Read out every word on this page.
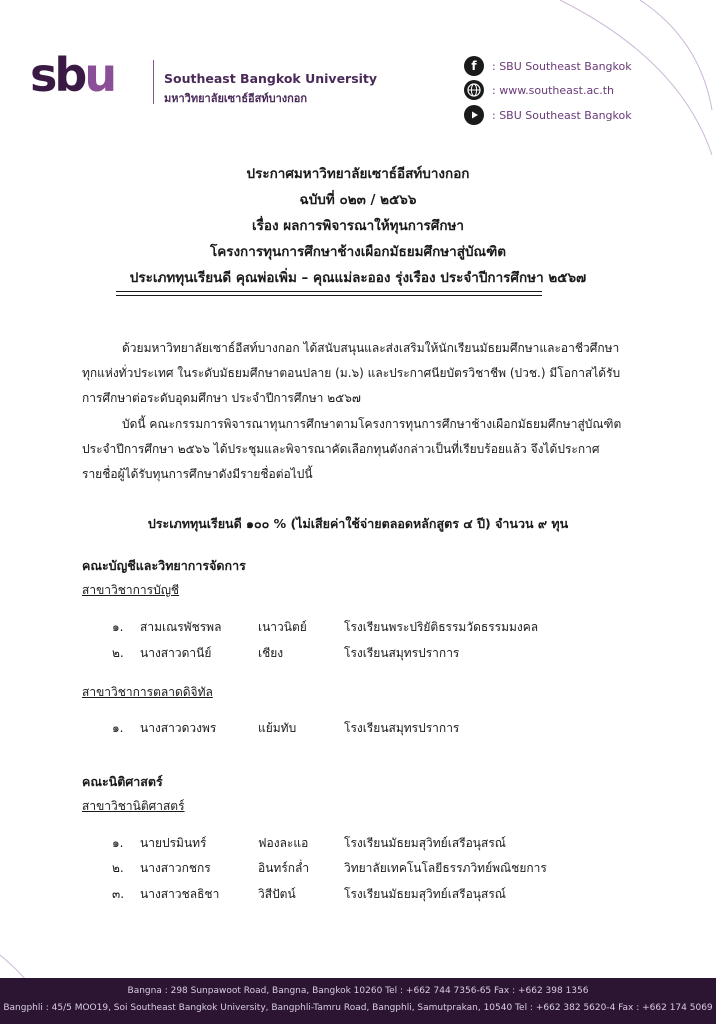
sbu	Southeast Bangkok University
มหาวิทยาลัยเซาธ์อีสท์บางกอก
f	: SBU Southeast Bangkok
: www.southeast.ac.th
: SBU Southeast Bangkok
ประกาศมหาวิทยาลัยเซาธ์อีสท์บางกอก
ฉบับที่ ๐๒๓ / ๒๕๖๖
เรื่อง ผลการพิจารณาให้ทุนการศึกษา
โครงการทุนการศึกษาช้างเผือกมัธยมศึกษาสู่บัณฑิต
ประเภททุนเรียนดี คุณพ่อเพิ่ม – คุณแม่ละออง รุ่งเรือง ประจำปีการศึกษา ๒๕๖๗
ด้วยมหาวิทยาลัยเซาธ์อีสท์บางกอก ได้สนับสนุนและส่งเสริมให้นักเรียนมัธยมศึกษาและอาชีวศึกษา
ทุกแห่งทั่วประเทศ ในระดับมัธยมศึกษาตอนปลาย (ม.๖) และประกาศนียบัตรวิชาชีพ (ปวช.) มีโอกาสได้รับ
การศึกษาต่อระดับอุดมศึกษา ประจำปีการศึกษา ๒๕๖๗
บัดนี้ คณะกรรมการพิจารณาทุนการศึกษาตามโครงการทุนการศึกษาช้างเผือกมัธยมศึกษาสู่บัณฑิต
ประจำปีการศึกษา ๒๕๖๖ ได้ประชุมและพิจารณาคัดเลือกทุนดังกล่าวเป็นที่เรียบร้อยแล้ว จึงได้ประกาศ
รายชื่อผู้ได้รับทุนการศึกษาดังมีรายชื่อต่อไปนี้
ประเภททุนเรียนดี ๑๐๐ % (ไม่เสียค่าใช้จ่ายตลอดหลักสูตร ๔ ปี) จำนวน ๙ ทุน
คณะบัญชีและวิทยาการจัดการ
สาขาวิชาการบัญชี
๑. สามเณรพัชรพล	เนาวนิตย์	โรงเรียนพระปริยัติธรรมวัดธรรมมงคล
๒. นางสาวดานีย์	เชียง	โรงเรียนสมุทรปราการ
สาขาวิชาการตลาดดิจิทัล
๑. นางสาวดวงพร	แย้มทับ	โรงเรียนสมุทรปราการ
คณะนิติศาสตร์
สาขาวิชานิติศาสตร์
๑. นายปรมินทร์	ฟองละแอ	โรงเรียนมัธยมสุวิทย์เสรีอนุสรณ์
๒. นางสาวกชกร	อินทร์กล่ำ	วิทยาลัยเทคโนโลยีธรรภวิทย์พณิชยการ
๓. นางสาวชลธิชา	วิสีปัตน์	โรงเรียนมัธยมสุวิทย์เสรีอนุสรณ์
Bangna : 298 Sunpawoot Road, Bangna, Bangkok 10260 Tel : +662 744 7356-65 Fax : +662 398 1356
Bangphli : 45/5 MOO19, Soi Southeast Bangkok University, Bangphli-Tamru Road, Bangphli, Samutprakan, 10540 Tel : +662 382 5620-4 Fax : +662 174 5069
